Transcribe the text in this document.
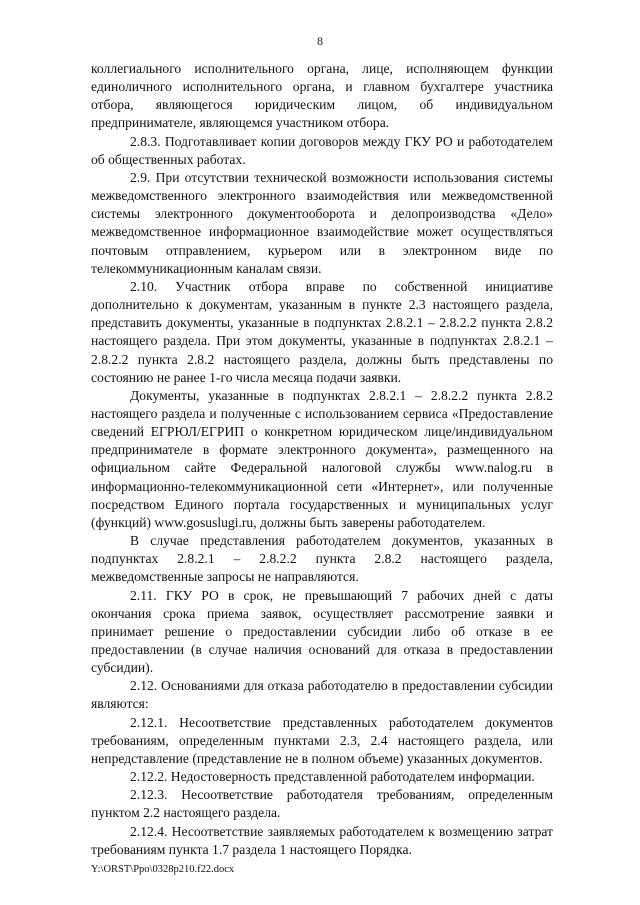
8

коллегиального исполнительного органа, лице, исполняющем функции единоличного исполнительного органа, и главном бухгалтере участника отбора, являющегося юридическим лицом, об индивидуальном предпринимателе, являющемся участником отбора.

2.8.3. Подготавливает копии договоров между ГКУ РО и работодателем об общественных работах.

2.9. При отсутствии технической возможности использования системы межведомственного электронного взаимодействия или межведомственной системы электронного документооборота и делопроизводства «Дело» межведомственное информационное взаимодействие может осуществляться почтовым отправлением, курьером или в электронном виде по телекоммуникационным каналам связи.

2.10. Участник отбора вправе по собственной инициативе дополнительно к документам, указанным в пункте 2.3 настоящего раздела, представить документы, указанные в подпунктах 2.8.2.1 – 2.8.2.2 пункта 2.8.2 настоящего раздела. При этом документы, указанные в подпунктах 2.8.2.1 – 2.8.2.2 пункта 2.8.2 настоящего раздела, должны быть представлены по состоянию не ранее 1-го числа месяца подачи заявки.

Документы, указанные в подпунктах 2.8.2.1 – 2.8.2.2 пункта 2.8.2 настоящего раздела и полученные с использованием сервиса «Предоставление сведений ЕГРЮЛ/ЕГРИП о конкретном юридическом лице/индивидуальном предпринимателе в формате электронного документа», размещенного на официальном сайте Федеральной налоговой службы www.nalog.ru в информационно-телекоммуникационной сети «Интернет», или полученные посредством Единого портала государственных и муниципальных услуг (функций) www.gosuslugi.ru, должны быть заверены работодателем.

В случае представления работодателем документов, указанных в подпунктах 2.8.2.1 – 2.8.2.2 пункта 2.8.2 настоящего раздела, межведомственные запросы не направляются.

2.11. ГКУ РО в срок, не превышающий 7 рабочих дней с даты окончания срока приема заявок, осуществляет рассмотрение заявки и принимает решение о предоставлении субсидии либо об отказе в ее предоставлении (в случае наличия оснований для отказа в предоставлении субсидии).

2.12. Основаниями для отказа работодателю в предоставлении субсидии являются:

2.12.1. Несоответствие представленных работодателем документов требованиям, определенным пунктами 2.3, 2.4 настоящего раздела, или непредставление (представление не в полном объеме) указанных документов.

2.12.2. Недостоверность представленной работодателем информации.

2.12.3. Несоответствие работодателя требованиям, определенным пунктом 2.2 настоящего раздела.

2.12.4. Несоответствие заявляемых работодателем к возмещению затрат требованиям пункта 1.7 раздела 1 настоящего Порядка.

Y:\ORST\Ppo\0328p210.f22.docx
